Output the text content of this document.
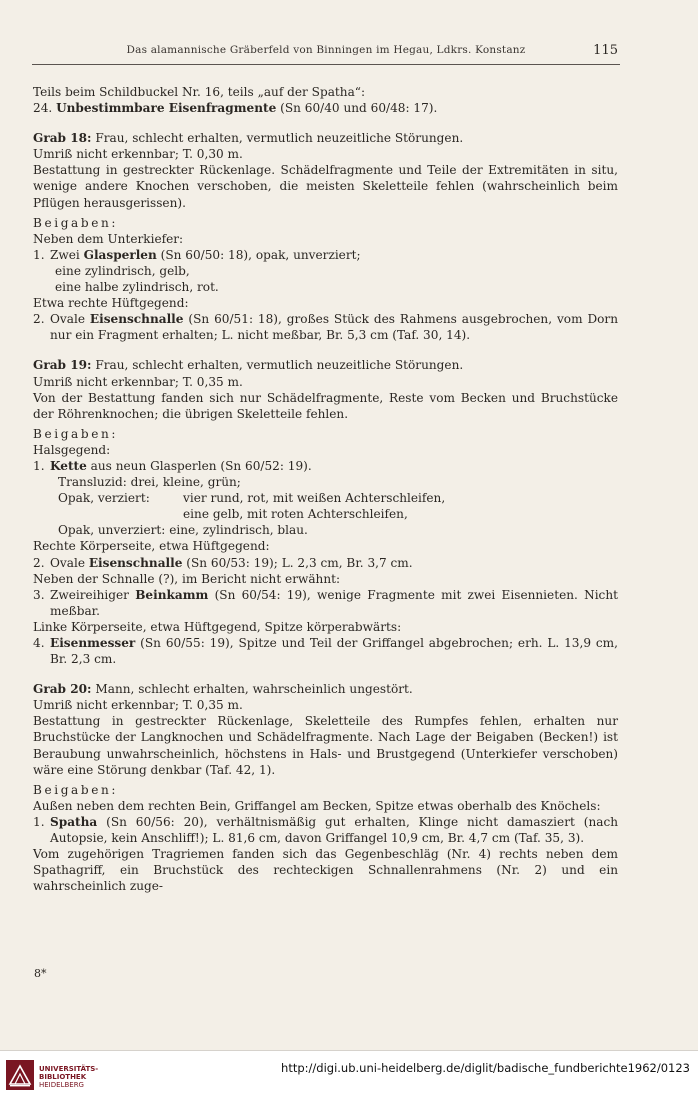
Das alamannische Gräberfeld von Binningen im Hegau, Ldkrs. Konstanz	115

Teils beim Schildbuckel Nr. 16, teils „auf der Spatha“:

24. Unbestimmbare Eisenfragmente (Sn 60/40 und 60/48: 17).

Grab 18: Frau, schlecht erhalten, vermutlich neuzeitliche Störungen.

Umriß nicht erkennbar; T. 0,30 m.

Bestattung in gestreckter Rückenlage. Schädelfragmente und Teile der Extremitäten in situ, wenige andere Knochen verschoben, die meisten Skeletteile fehlen (wahrscheinlich beim Pflügen herausgerissen).

Beigaben:

Neben dem Unterkiefer:

1. Zwei Glasperlen (Sn 60/50: 18), opak, unverziert;

eine zylindrisch, gelb,

eine halbe zylindrisch, rot.

Etwa rechte Hüftgegend:

2. Ovale Eisenschnalle (Sn 60/51: 18), großes Stück des Rahmens ausgebrochen, vom Dorn nur ein Fragment erhalten; L. nicht meßbar, Br. 5,3 cm (Taf. 30, 14).

Grab 19: Frau, schlecht erhalten, vermutlich neuzeitliche Störungen.

Umriß nicht erkennbar; T. 0,35 m.

Von der Bestattung fanden sich nur Schädelfragmente, Reste vom Becken und Bruchstücke der Röhrenknochen; die übrigen Skeletteile fehlen.

Beigaben:

Halsgegend:

1. Kette aus neun Glasperlen (Sn 60/52: 19).

Transluzid: drei, kleine, grün;

Opak, verziert:	vier rund, rot, mit weißen Achterschleifen,

eine gelb, mit roten Achterschleifen,

Opak, unverziert: eine, zylindrisch, blau.

Rechte Körperseite, etwa Hüftgegend:

2. Ovale Eisenschnalle (Sn 60/53: 19); L. 2,3 cm, Br. 3,7 cm.

Neben der Schnalle (?), im Bericht nicht erwähnt:

3. Zweireihiger Beinkamm (Sn 60/54: 19), wenige Fragmente mit zwei Eisennieten. Nicht meßbar.

Linke Körperseite, etwa Hüftgegend, Spitze körperabwärts:

4. Eisenmesser (Sn 60/55: 19), Spitze und Teil der Griffangel abgebrochen; erh. L. 13,9 cm, Br. 2,3 cm.

Grab 20: Mann, schlecht erhalten, wahrscheinlich ungestört.

Umriß nicht erkennbar; T. 0,35 m.

Bestattung in gestreckter Rückenlage, Skeletteile des Rumpfes fehlen, erhalten nur Bruchstücke der Langknochen und Schädelfragmente. Nach Lage der Beigaben (Becken!) ist Beraubung unwahrscheinlich, höchstens in Hals- und Brustgegend (Unterkiefer verschoben) wäre eine Störung denkbar (Taf. 42, 1).

Beigaben:

Außen neben dem rechten Bein, Griffangel am Becken, Spitze etwas oberhalb des Knöchels:

1. Spatha (Sn 60/56: 20), verhältnismäßig gut erhalten, Klinge nicht damasziert (nach Autopsie, kein Anschliff!); L. 81,6 cm, davon Griffangel 10,9 cm, Br. 4,7 cm (Taf. 35, 3).

Vom zugehörigen Tragriemen fanden sich das Gegenbeschläg (Nr. 4) rechts neben dem Spathagriff, ein Bruchstück des rechteckigen Schnallenrahmens (Nr. 2) und ein wahrscheinlich zuge-

8*
UNIVERSITÄTS-
BIBLIOTHEK
HEIDELBERG
http://digi.ub.uni-heidelberg.de/diglit/badische_fundberichte1962/0123
